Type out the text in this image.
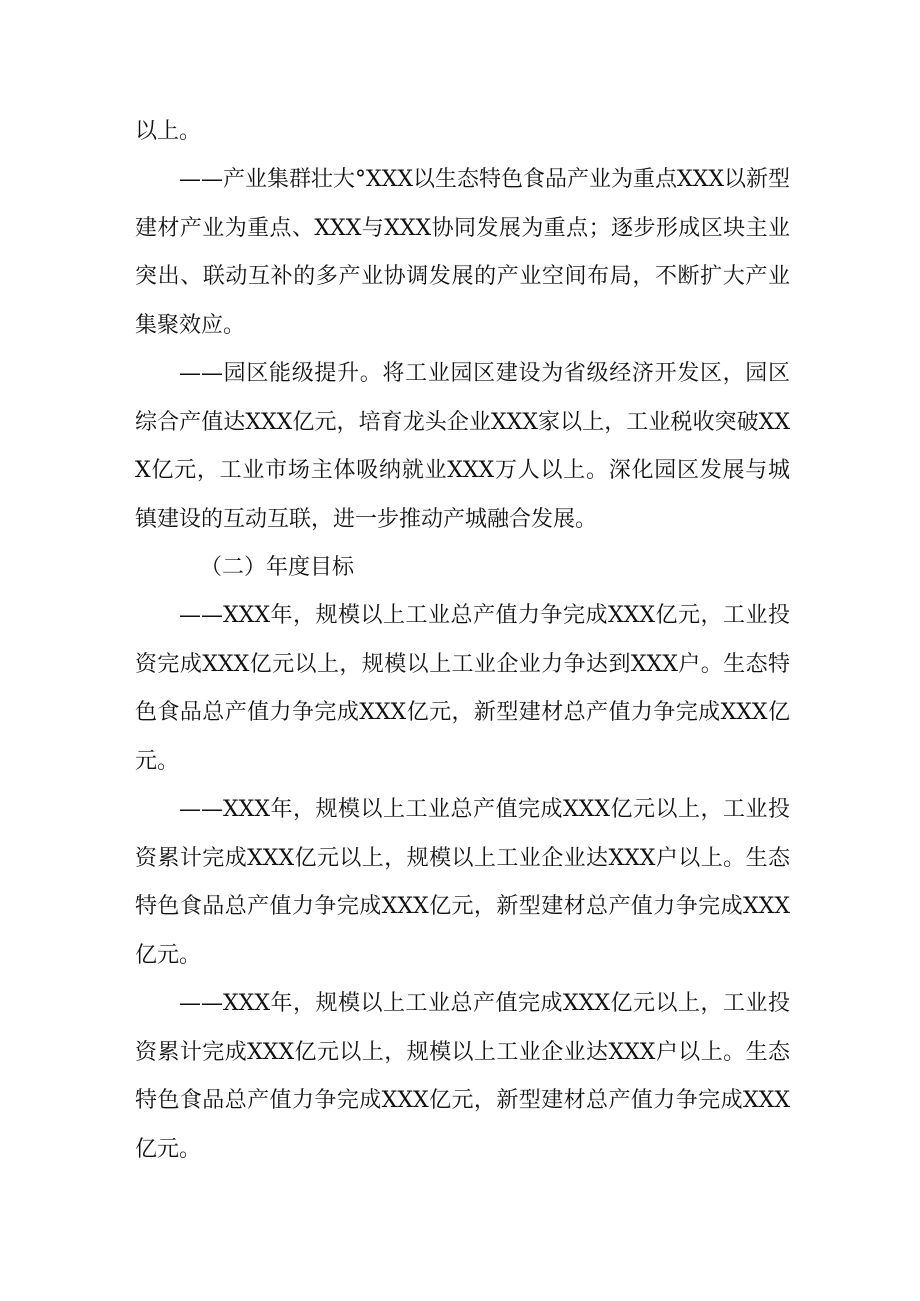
以上。

——产业集群壮大°XXX以生态特色食品产业为重点XXX以新型建材产业为重点、XXX与XXX协同发展为重点；逐步形成区块主业突出、联动互补的多产业协调发展的产业空间布局，不断扩大产业集聚效应。

——园区能级提升。将工业园区建设为省级经济开发区，园区综合产值达XXX亿元，培育龙头企业XXX家以上，工业税收突破XXX亿元，工业市场主体吸纳就业XXX万人以上。深化园区发展与城镇建设的互动互联，进一步推动产城融合发展。

（二）年度目标

——XXX年，规模以上工业总产值力争完成XXX亿元，工业投资完成XXX亿元以上，规模以上工业企业力争达到XXX户。生态特色食品总产值力争完成XXX亿元，新型建材总产值力争完成XXX亿元。

——XXX年，规模以上工业总产值完成XXX亿元以上，工业投资累计完成XXX亿元以上，规模以上工业企业达XXX户以上。生态特色食品总产值力争完成XXX亿元，新型建材总产值力争完成XXX亿元。

——XXX年，规模以上工业总产值完成XXX亿元以上，工业投资累计完成XXX亿元以上，规模以上工业企业达XXX户以上。生态特色食品总产值力争完成XXX亿元，新型建材总产值力争完成XXX亿元。
